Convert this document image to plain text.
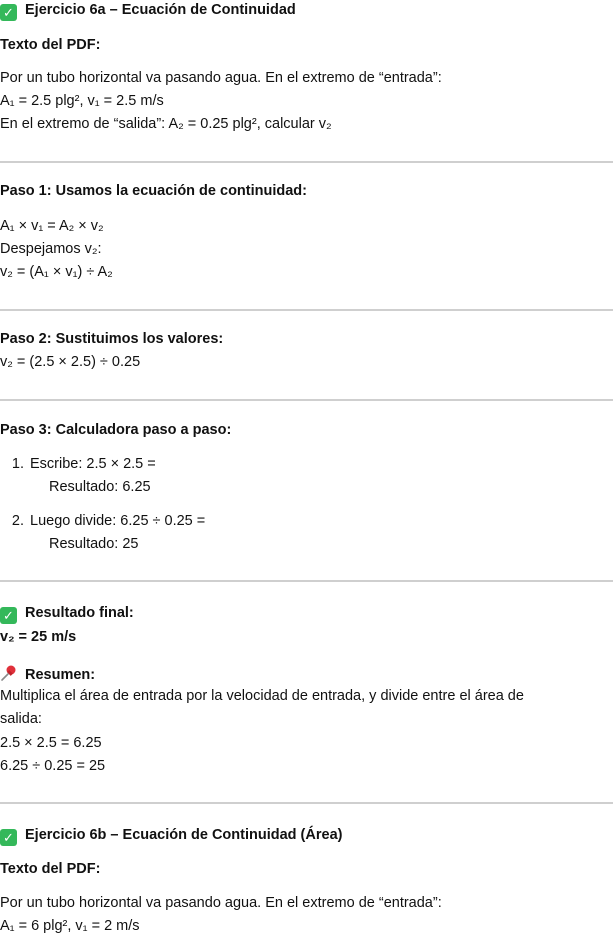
✓ Ejercicio 6a – Ecuación de Continuidad
Texto del PDF:
Por un tubo horizontal va pasando agua. En el extremo de “entrada”:
A₁ = 2.5 plg², v₁ = 2.5 m/s
En el extremo de “salida”: A₂ = 0.25 plg², calcular v₂
Paso 1: Usamos la ecuación de continuidad:
A₁ × v₁ = A₂ × v₂
Despejamos v₂:
v₂ = (A₁ × v₁) ÷ A₂
Paso 2: Sustituimos los valores:
v₂ = (2.5 × 2.5) ÷ 0.25
Paso 3: Calculadora paso a paso:
1. Escribe: 2.5 × 2.5 =
Resultado: 6.25
2. Luego divide: 6.25 ÷ 0.25 =
Resultado: 25
✓ Resultado final:
v₂ = 25 m/s
Resumen:
Multiplica el área de entrada por la velocidad de entrada, y divide entre el área de
salida:
2.5 × 2.5 = 6.25
6.25 ÷ 0.25 = 25
✓ Ejercicio 6b – Ecuación de Continuidad (Área)
Texto del PDF:
Por un tubo horizontal va pasando agua. En el extremo de “entrada”:
A₁ = 6 plg², v₁ = 2 m/s
